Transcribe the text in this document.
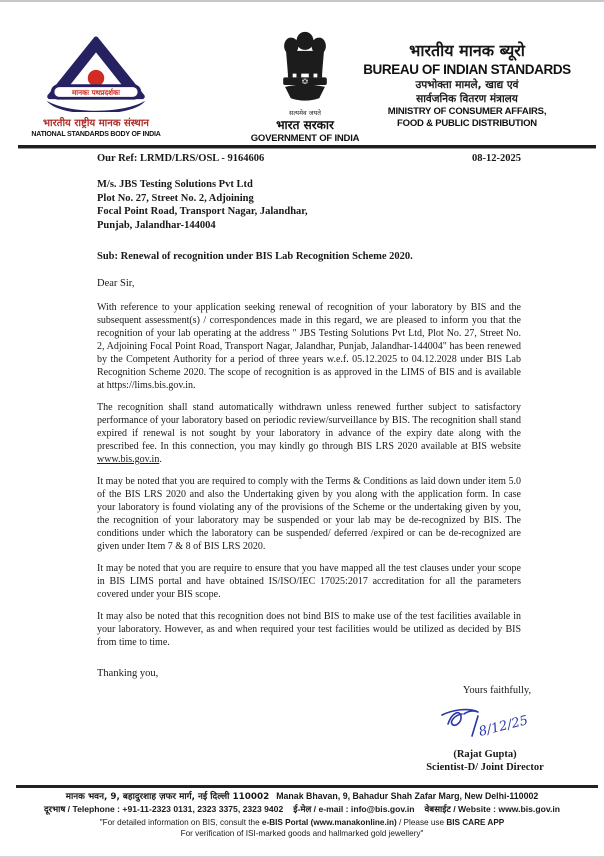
मानकः पथप्रदर्शकः
भारतीय राष्ट्रीय मानक संस्थान
NATIONAL STANDARDS BODY OF INDIA
सत्यमेव जयते
भारत सरकार
GOVERNMENT OF INDIA
भारतीय मानक ब्यूरो
BUREAU OF INDIAN STANDARDS
उपभोक्ता मामले, खाद्य एवं
सार्वजनिक वितरण मंत्रालय
MINISTRY OF CONSUMER AFFAIRS,
FOOD & PUBLIC DISTRIBUTION
Our Ref: LRMD/LRS/OSL - 9164606	08-12-2025
M/s. JBS Testing Solutions Pvt Ltd
Plot No. 27, Street No. 2, Adjoining
Focal Point Road, Transport Nagar, Jalandhar,
Punjab, Jalandhar-144004
Sub: Renewal of recognition under BIS Lab Recognition Scheme 2020.
Dear Sir,

With reference to your application seeking renewal of recognition of your laboratory by BIS and the subsequent assessment(s) / correspondences made in this regard, we are pleased to inform you that the recognition of your lab operating at the address " JBS Testing Solutions Pvt Ltd, Plot No. 27, Street No. 2, Adjoining Focal Point Road, Transport Nagar, Jalandhar, Punjab, Jalandhar-144004" has been renewed by the Competent Authority for a period of three years w.e.f. 05.12.2025 to 04.12.2028 under BIS Lab Recognition Scheme 2020. The scope of recognition is as approved in the LIMS of BIS and is available at https://lims.bis.gov.in.

The recognition shall stand automatically withdrawn unless renewed further subject to satisfactory performance of your laboratory based on periodic review/surveillance by BIS. The recognition shall stand expired if renewal is not sought by your laboratory in advance of the expiry date along with the prescribed fee. In this connection, you may kindly go through BIS LRS 2020 available at BIS website www.bis.gov.in.

It may be noted that you are required to comply with the Terms & Conditions as laid down under item 5.0 of the BIS LRS 2020 and also the Undertaking given by you along with the application form. In case your laboratory is found violating any of the provisions of the Scheme or the undertaking given by you, the recognition of your laboratory may be suspended or your lab may be de-recognized by BIS. The conditions under which the laboratory can be suspended/ deferred /expired or can be de-recognized are given under Item 7 & 8 of BIS LRS 2020.

It may be noted that you are require to ensure that you have mapped all the test clauses under your scope in BIS LIMS portal and have obtained IS/ISO/IEC 17025:2017 accreditation for all the parameters covered under your BIS scope.

It may also be noted that this recognition does not bind BIS to make use of the test facilities available in your laboratory. However, as and when required your test facilities would be utilized as decided by BIS from time to time.

Thanking you,
Yours faithfully,
8/12/25
(Rajat Gupta)
Scientist-D/ Joint Director
मानक भवन, 9, बहादुरशाह ज़फर मार्ग, नई दिल्ली 110002 Manak Bhavan, 9, Bahadur Shah Zafar Marg, New Delhi-110002
दूरभाष / Telephone : +91-11-2323 0131, 2323 3375, 2323 9402 ई-मेल / e-mail : info@bis.gov.in वेबसाईट / Website : www.bis.gov.in
"For detailed information on BIS, consult the e-BIS Portal (www.manakonline.in) / Please use BIS CARE APP
For verification of ISI-marked goods and hallmarked gold jewellery"
